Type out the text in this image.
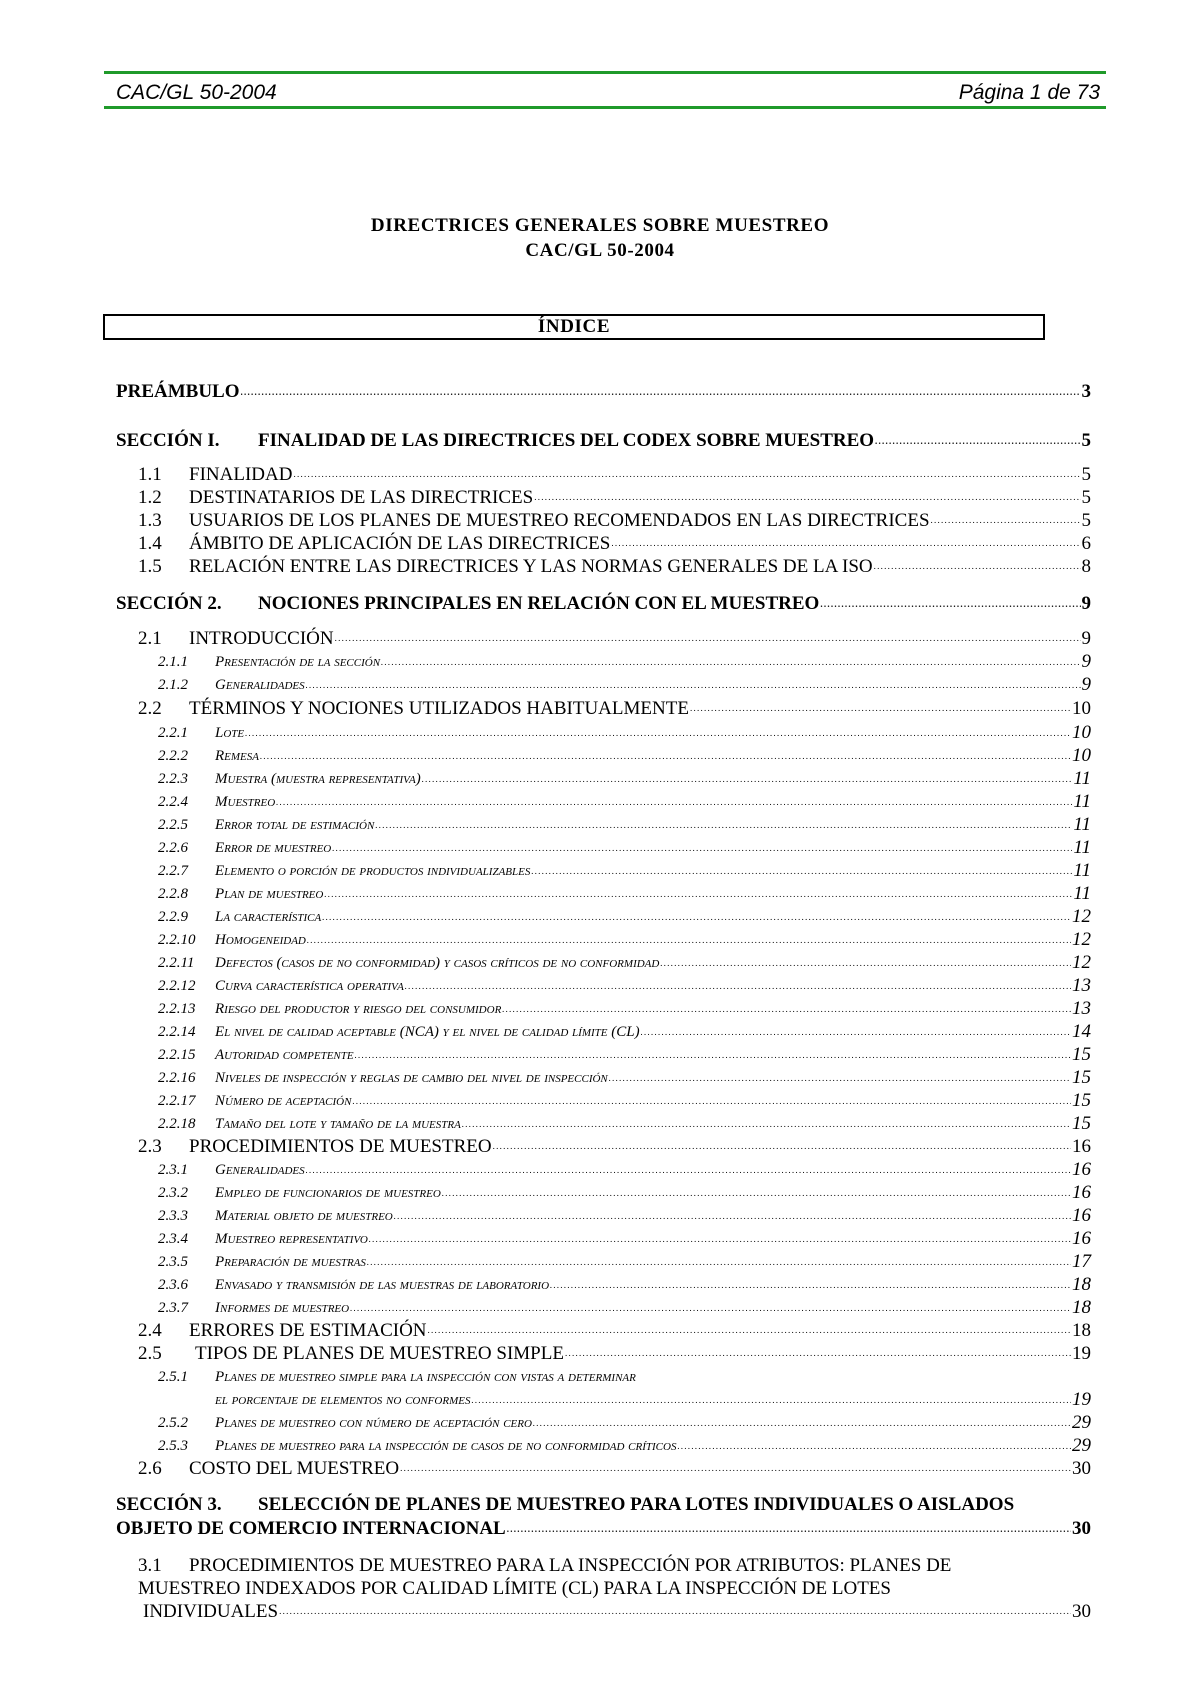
CAC/GL 50-2004	Página 1 de 73
DIRECTRICES GENERALES SOBRE MUESTREO
CAC/GL 50-2004
ÍNDICE
PREÁMBULO . . .	3
SECCIÓN I.	FINALIDAD DE LAS DIRECTRICES DEL CODEX SOBRE MUESTREO . . .	5
1.1	FINALIDAD . . .	5
1.2	DESTINATARIOS DE LAS DIRECTRICES . . .	5
1.3	USUARIOS DE LOS PLANES DE MUESTREO RECOMENDADOS EN LAS DIRECTRICES . . .	5
1.4	ÁMBITO DE APLICACIÓN DE LAS DIRECTRICES . . .	6
1.5	RELACIÓN ENTRE LAS DIRECTRICES Y LAS NORMAS GENERALES DE LA ISO . . .	8
SECCIÓN 2.	NOCIONES PRINCIPALES EN RELACIÓN CON EL MUESTREO . . .	9
2.1	INTRODUCCIÓN . . .	9
2.1.1	Presentación de la sección . . .	9
2.1.2	Generalidades . . .	9
2.2	TÉRMINOS Y NOCIONES UTILIZADOS HABITUALMENTE . . .	10
2.2.1	Lote . . .	10
2.2.2	Remesa . . .	10
2.2.3	Muestra (muestra representativa) . . .	11
2.2.4	Muestreo . . .	11
2.2.5	Error total de estimación . . .	11
2.2.6	Error de muestreo . . .	11
2.2.7	Elemento o porción de productos individualizables . . .	11
2.2.8	Plan de muestreo . . .	11
2.2.9	La característica . . .	12
2.2.10	Homogeneidad . . .	12
2.2.11	Defectos (casos de no conformidad) y casos críticos de no conformidad . . .	12
2.2.12	Curva característica operativa . . .	13
2.2.13	Riesgo del productor y riesgo del consumidor . . .	13
2.2.14	El nivel de calidad aceptable (NCA) y el nivel de calidad límite (CL) . . .	14
2.2.15	Autoridad competente . . .	15
2.2.16	Niveles de inspección y reglas de cambio del nivel de inspección . . .	15
2.2.17	Número de aceptación . . .	15
2.2.18	Tamaño del lote y tamaño de la muestra . . .	15
2.3	PROCEDIMIENTOS DE MUESTREO . . .	16
2.3.1	Generalidades . . .	16
2.3.2	Empleo de funcionarios de muestreo . . .	16
2.3.3	Material objeto de muestreo . . .	16
2.3.4	Muestreo representativo . . .	16
2.3.5	Preparación de muestras . . .	17
2.3.6	Envasado y transmisión de las muestras de laboratorio . . .	18
2.3.7	Informes de muestreo . . .	18
2.4	ERRORES DE ESTIMACIÓN . . .	18
2.5	TIPOS DE PLANES DE MUESTREO SIMPLE . . .	19
2.5.1	Planes de muestreo simple para la inspección con vistas a determinar
el porcentaje de elementos no conformes . . .	19
2.5.2	Planes de muestreo con número de aceptación cero . . .	29
2.5.3	Planes de muestreo para la inspección de casos de no conformidad críticos . . .	29
2.6	COSTO DEL MUESTREO . . .	30
SECCIÓN 3.	SELECCIÓN DE PLANES DE MUESTREO PARA LOTES INDIVIDUALES O AISLADOS
OBJETO DE COMERCIO INTERNACIONAL . . .	30
3.1	PROCEDIMIENTOS DE MUESTREO PARA LA INSPECCIÓN POR ATRIBUTOS: PLANES DE
MUESTREO INDEXADOS POR CALIDAD LÍMITE (CL) PARA LA INSPECCIÓN DE LOTES
INDIVIDUALES . . .	30
